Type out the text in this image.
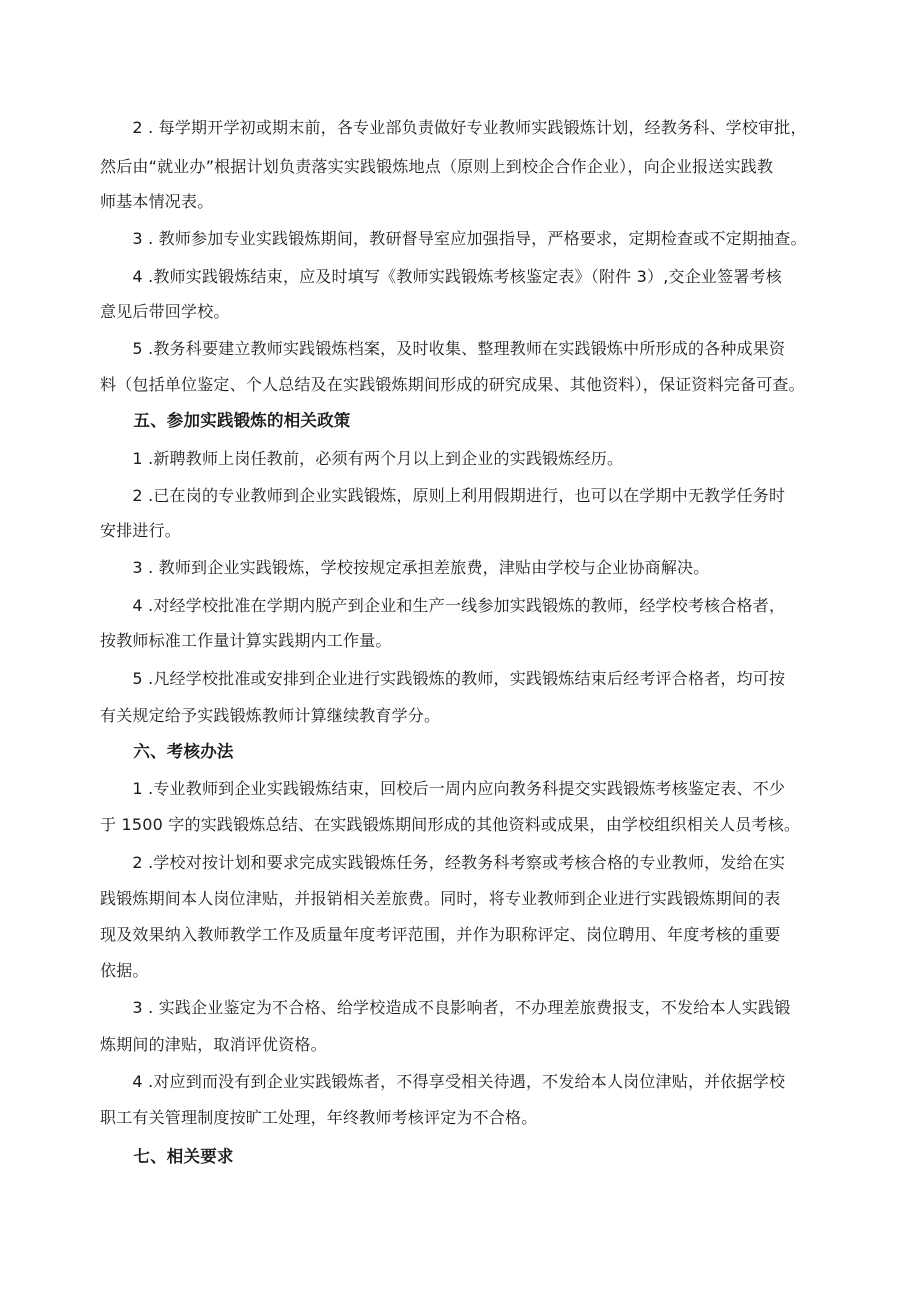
　　2 . 每学期开学初或期末前，各专业部负责做好专业教师实践锻炼计划，经教务科、学校审批，
然后由“就业办”根据计划负责落实实践锻炼地点（原则上到校企合作企业），向企业报送实践教
师基本情况表。
　　3 . 教师参加专业实践锻炼期间，教研督导室应加强指导，严格要求，定期检查或不定期抽查。
　　4 .教师实践锻炼结束，应及时填写《教师实践锻炼考核鉴定表》（附件 3）,交企业签署考核
意见后带回学校。
　　5 .教务科要建立教师实践锻炼档案，及时收集、整理教师在实践锻炼中所形成的各种成果资
料（包括单位鉴定、个人总结及在实践锻炼期间形成的研究成果、其他资料），保证资料完备可查。
　　五、参加实践锻炼的相关政策
　　1 .新聘教师上岗任教前，必须有两个月以上到企业的实践锻炼经历。
　　2 .已在岗的专业教师到企业实践锻炼，原则上利用假期进行，也可以在学期中无教学任务时
安排进行。
　　3 . 教师到企业实践锻炼，学校按规定承担差旅费，津贴由学校与企业协商解决。
　　4 .对经学校批准在学期内脱产到企业和生产一线参加实践锻炼的教师，经学校考核合格者，
按教师标准工作量计算实践期内工作量。
　　5 .凡经学校批准或安排到企业进行实践锻炼的教师，实践锻炼结束后经考评合格者，均可按
有关规定给予实践锻炼教师计算继续教育学分。
　　六、考核办法
　　1 .专业教师到企业实践锻炼结束，回校后一周内应向教务科提交实践锻炼考核鉴定表、不少
于 1500 字的实践锻炼总结、在实践锻炼期间形成的其他资料或成果，由学校组织相关人员考核。
　　2 .学校对按计划和要求完成实践锻炼任务，经教务科考察或考核合格的专业教师，发给在实
践锻炼期间本人岗位津贴，并报销相关差旅费。同时，将专业教师到企业进行实践锻炼期间的表
现及效果纳入教师教学工作及质量年度考评范围，并作为职称评定、岗位聘用、年度考核的重要
依据。
　　3 . 实践企业鉴定为不合格、给学校造成不良影响者，不办理差旅费报支，不发给本人实践锻
炼期间的津贴，取消评优资格。
　　4 .对应到而没有到企业实践锻炼者，不得享受相关待遇，不发给本人岗位津贴，并依据学校
职工有关管理制度按旷工处理，年终教师考核评定为不合格。
　　七、相关要求
